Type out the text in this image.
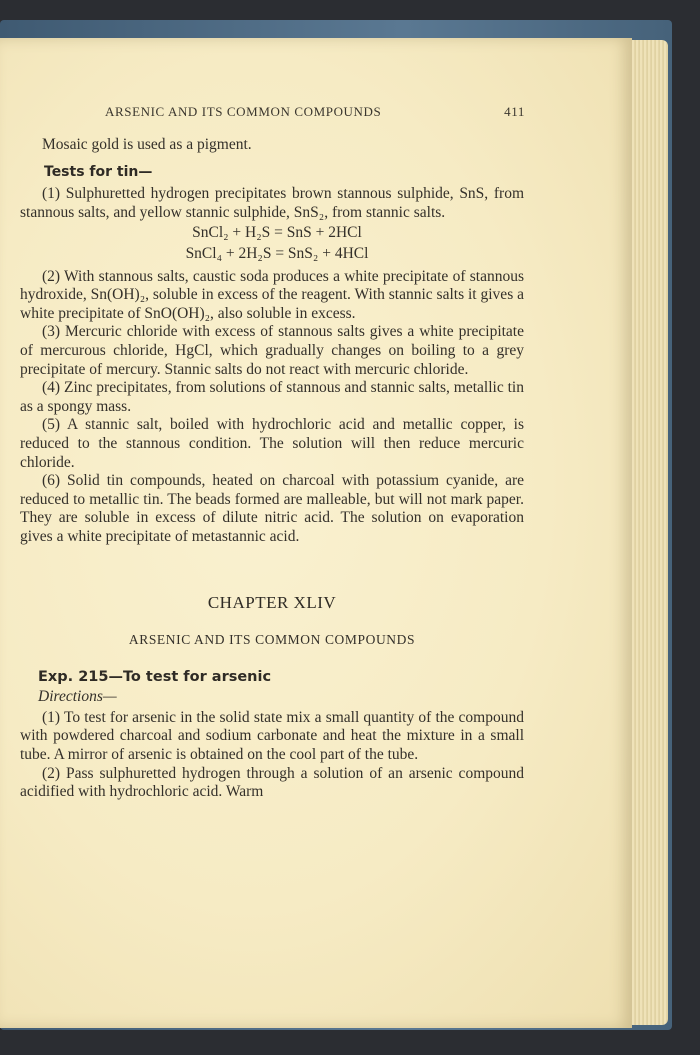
ARSENIC AND ITS COMMON COMPOUNDS	411

Mosaic gold is used as a pigment.

Tests for tin—

(1) Sulphuretted hydrogen precipitates brown stannous sulphide, SnS, from stannous salts, and yellow stannic sulphide, SnS₂, from stannic salts.

SnCl₂ + H₂S = SnS + 2HCl

SnCl₄ + 2H₂S = SnS₂ + 4HCl

(2) With stannous salts, caustic soda produces a white precipitate of stannous hydroxide, Sn(OH)₂, soluble in excess of the reagent. With stannic salts it gives a white precipitate of SnO(OH)₂, also soluble in excess.

(3) Mercuric chloride with excess of stannous salts gives a white precipitate of mercurous chloride, HgCl, which gradually changes on boiling to a grey precipitate of mercury. Stannic salts do not react with mercuric chloride.

(4) Zinc precipitates, from solutions of stannous and stannic salts, metallic tin as a spongy mass.

(5) A stannic salt, boiled with hydrochloric acid and metallic copper, is reduced to the stannous condition. The solution will then reduce mercuric chloride.

(6) Solid tin compounds, heated on charcoal with potassium cyanide, are reduced to metallic tin. The beads formed are malleable, but will not mark paper. They are soluble in excess of dilute nitric acid. The solution on evaporation gives a white precipitate of metastannic acid.

CHAPTER XLIV
ARSENIC AND ITS COMMON COMPOUNDS
Exp. 215—To test for arsenic
Directions—

(1) To test for arsenic in the solid state mix a small quantity of the compound with powdered charcoal and sodium carbonate and heat the mixture in a small tube. A mirror of arsenic is obtained on the cool part of the tube.

(2) Pass sulphuretted hydrogen through a solution of an arsenic compound acidified with hydrochloric acid. Warm
